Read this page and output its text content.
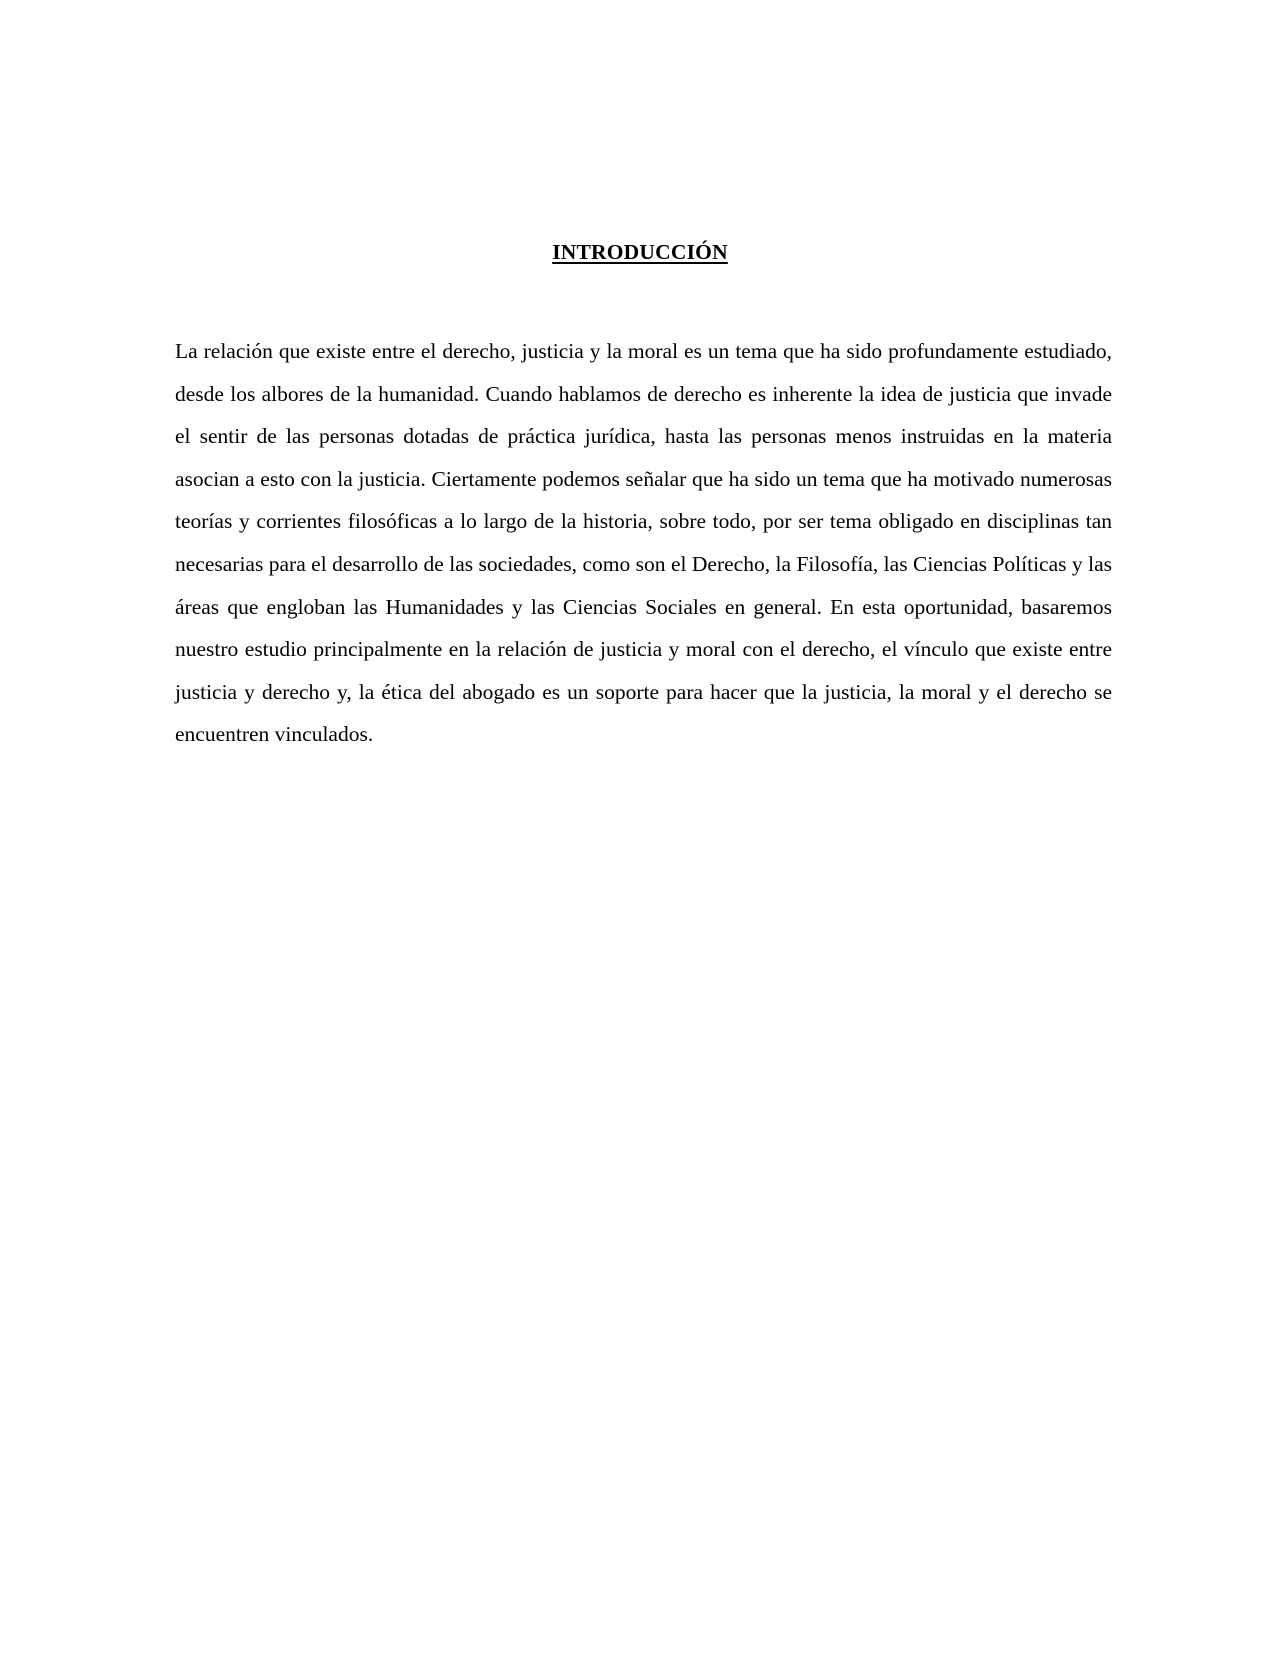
INTRODUCCIÓN

La relación que existe entre el derecho, justicia y la moral es un tema que ha sido profundamente estudiado, desde los albores de la humanidad. Cuando hablamos de derecho es inherente la idea de justicia que invade el sentir de las personas dotadas de práctica jurídica, hasta las personas menos instruidas en la materia asocian a esto con la justicia. Ciertamente podemos señalar que ha sido un tema que ha motivado numerosas teorías y corrientes filosóficas a lo largo de la historia, sobre todo, por ser tema obligado en disciplinas tan necesarias para el desarrollo de las sociedades, como son el Derecho, la Filosofía, las Ciencias Políticas y las áreas que engloban las Humanidades y las Ciencias Sociales en general. En esta oportunidad, basaremos nuestro estudio principalmente en la relación de justicia y moral con el derecho, el vínculo que existe entre justicia y derecho y, la ética del abogado es un soporte para hacer que la justicia, la moral y el derecho se encuentren vinculados.
